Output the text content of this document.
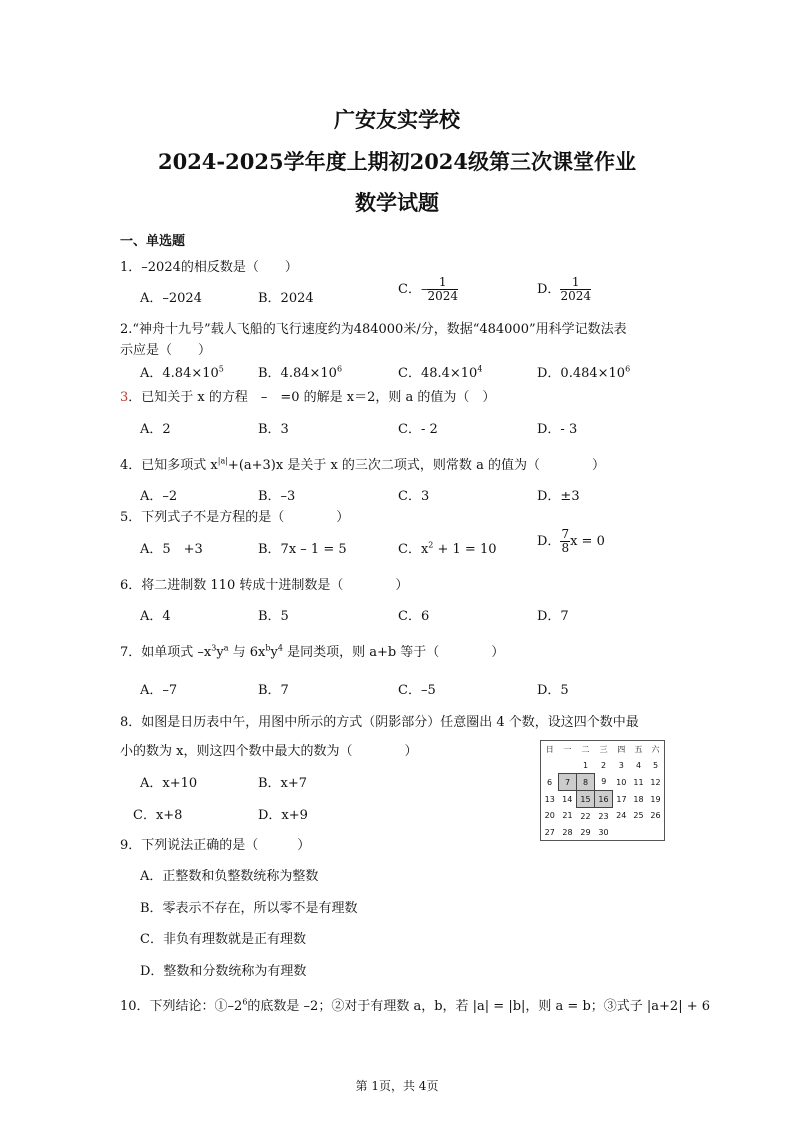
广安友实学校
2024-2025学年度上期初2024级第三次课堂作业
数学试题
一、单选题
1．–2024的相反数是（　　）
A．–2024	B．2024
C．– $\frac{1}{2024}$	D． $\frac{1}{2024}$
2.“神舟十九号”载人飞船的飞行速度约为484000米/分，数据“484000”用科学记数法表
示应是（　　）
A．$4.84\times 10^5$	B．$4.84\times 10^6$	C．$48.4\times 10^4$	D．$0.484\times 10^6$
3．已知关于 x 的方程　–　=0 的解是 x＝2，则 a 的值为（　）
A．2	B．3	C．- 2	D．- 3
4．已知多项式 $x^{|a|}+(a+3)x$ 是关于 x 的三次二项式，则常数 a 的值为（　　　　）
A．–2	B．–3	C．3	D．±3
5．下列式子不是方程的是（　　　　）
A．5　+3	B．7x – 1 = 5	C．$x^2 + 1 = 10$
D． $\frac{7}{8}$ x = 0
6．将二进制数 110 转成十进制数是（　　　　）
A．4	B．5	C．6	D．7
7．如单项式 $-x^3y^a$ 与 $6x^by^4$ 是同类项，则 a+b 等于（　　　　）
A．–7	B．7	C．–5	D．5
8．如图是日历表中午，用图中所示的方式（阴影部分）任意圈出 4 个数，设这四个数中最
小的数为 x，则这四个数中最大的数为（　　　　）
A．x+10	B．x+7
C．x+8	D．x+9
日	一	二	三	四	五	六
		1	2	3	4	5
6	7	8	9	10	11	12
13	14	15	16	17	18	19
20	21	22	23	24	25	26
27	28	29	30			
9．下列说法正确的是（　　　）
A．正整数和负整数统称为整数
B．零表示不存在，所以零不是有理数
C．非负有理数就是正有理数
D．整数和分数统称为有理数
10．下列结论：$①-2^6$的底数是 –2；②对于有理数 a，b，若 |a| = |b|，则 a = b；③式子 |a+2| + 6
第 1页，共 4页
